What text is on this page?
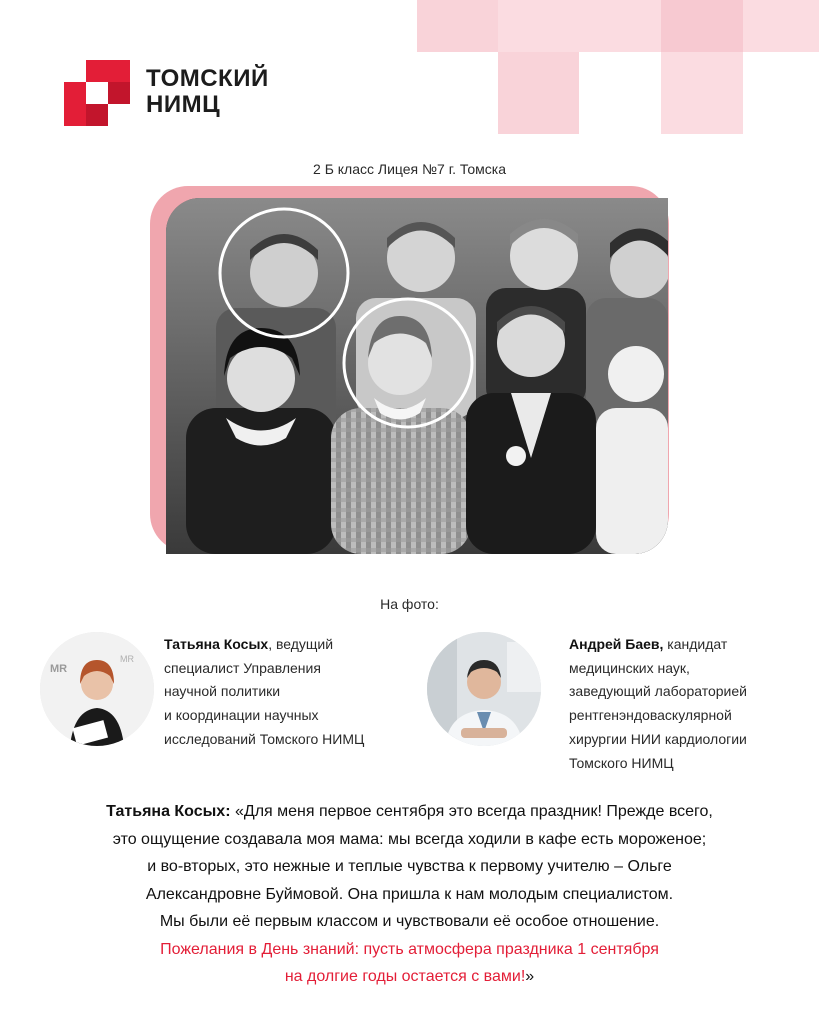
ТОМСКИЙ
НИМЦ
2 Б класс Лицея №7 г. Томска
На фото:
MR
MR
Татьяна Косых, ведущий
специалист Управления
научной политики
и координации научных
исследований Томского НИМЦ
Андрей Баев, кандидат
медицинских наук,
заведующий лабораторией
рентгенэндоваскулярной
хирургии НИИ кардиологии
Томского НИМЦ
Татьяна Косых: «Для меня первое сентября это всегда праздник! Прежде всего,
это ощущение создавала моя мама: мы всегда ходили в кафе есть мороженое;
и во-вторых, это нежные и теплые чувства к первому учителю – Ольге
Александровне Буймовой. Она пришла к нам молодым специалистом.
Мы были её первым классом и чувствовали её особое отношение.
Пожелания в День знаний: пусть атмосфера праздника 1 сентября
на долгие годы остается с вами!»
